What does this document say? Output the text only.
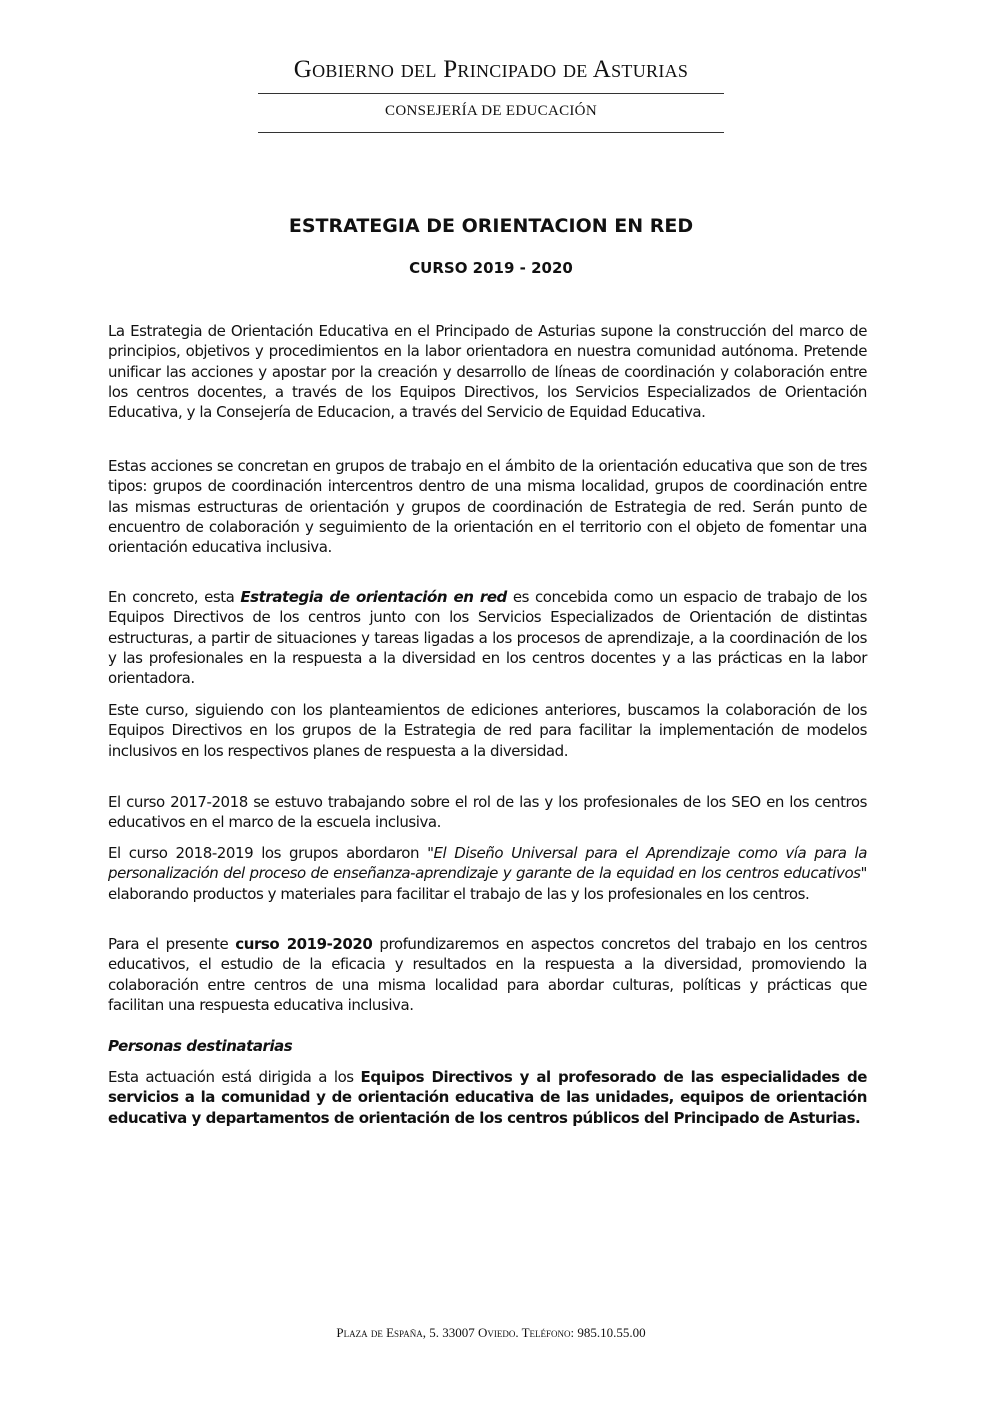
Gobierno del Principado de Asturias
CONSEJERÍA DE EDUCACIÓN
ESTRATEGIA DE ORIENTACION EN RED
CURSO 2019 - 2020

La Estrategia de Orientación Educativa en el Principado de Asturias supone la construcción del marco de principios, objetivos y procedimientos en la labor orientadora en nuestra comunidad autónoma. Pretende unificar las acciones y apostar por la creación y desarrollo de líneas de coordinación y colaboración entre los centros docentes, a través de los Equipos Directivos, los Servicios Especializados de Orientación Educativa, y la Consejería de Educacion, a través del Servicio de Equidad Educativa.

Estas acciones se concretan en grupos de trabajo en el ámbito de la orientación educativa que son de tres tipos: grupos de coordinación intercentros dentro de una misma localidad, grupos de coordinación entre las mismas estructuras de orientación y grupos de coordinación de Estrategia de red. Serán punto de encuentro de colaboración y seguimiento de la orientación en el territorio con el objeto de fomentar una orientación educativa inclusiva.

En concreto, esta Estrategia de orientación en red es concebida como un espacio de trabajo de los Equipos Directivos de los centros junto con los Servicios Especializados de Orientación de distintas estructuras, a partir de situaciones y tareas ligadas a los procesos de aprendizaje, a la coordinación de los y las profesionales en la respuesta a la diversidad en los centros docentes y a las prácticas en la labor orientadora.

Este curso, siguiendo con los planteamientos de ediciones anteriores, buscamos la colaboración de los Equipos Directivos en los grupos de la Estrategia de red para facilitar la implementación de modelos inclusivos en los respectivos planes de respuesta a la diversidad.

El curso 2017-2018 se estuvo trabajando sobre el rol de las y los profesionales de los SEO en los centros educativos en el marco de la escuela inclusiva.

El curso 2018-2019 los grupos abordaron "El Diseño Universal para el Aprendizaje como vía para la personalización del proceso de enseñanza-aprendizaje y garante de la equidad en los centros educativos" elaborando productos y materiales para facilitar el trabajo de las y los profesionales en los centros.

Para el presente curso 2019-2020 profundizaremos en aspectos concretos del trabajo en los centros educativos, el estudio de la eficacia y resultados en la respuesta a la diversidad, promoviendo la colaboración entre centros de una misma localidad para abordar culturas, políticas y prácticas que facilitan una respuesta educativa inclusiva.

Personas destinatarias

Esta actuación está dirigida a los Equipos Directivos y al profesorado de las especialidades de servicios a la comunidad y de orientación educativa de las unidades, equipos de orientación educativa y departamentos de orientación de los centros públicos del Principado de Asturias.

Plaza de España, 5. 33007 Oviedo. Teléfono: 985.10.55.00
